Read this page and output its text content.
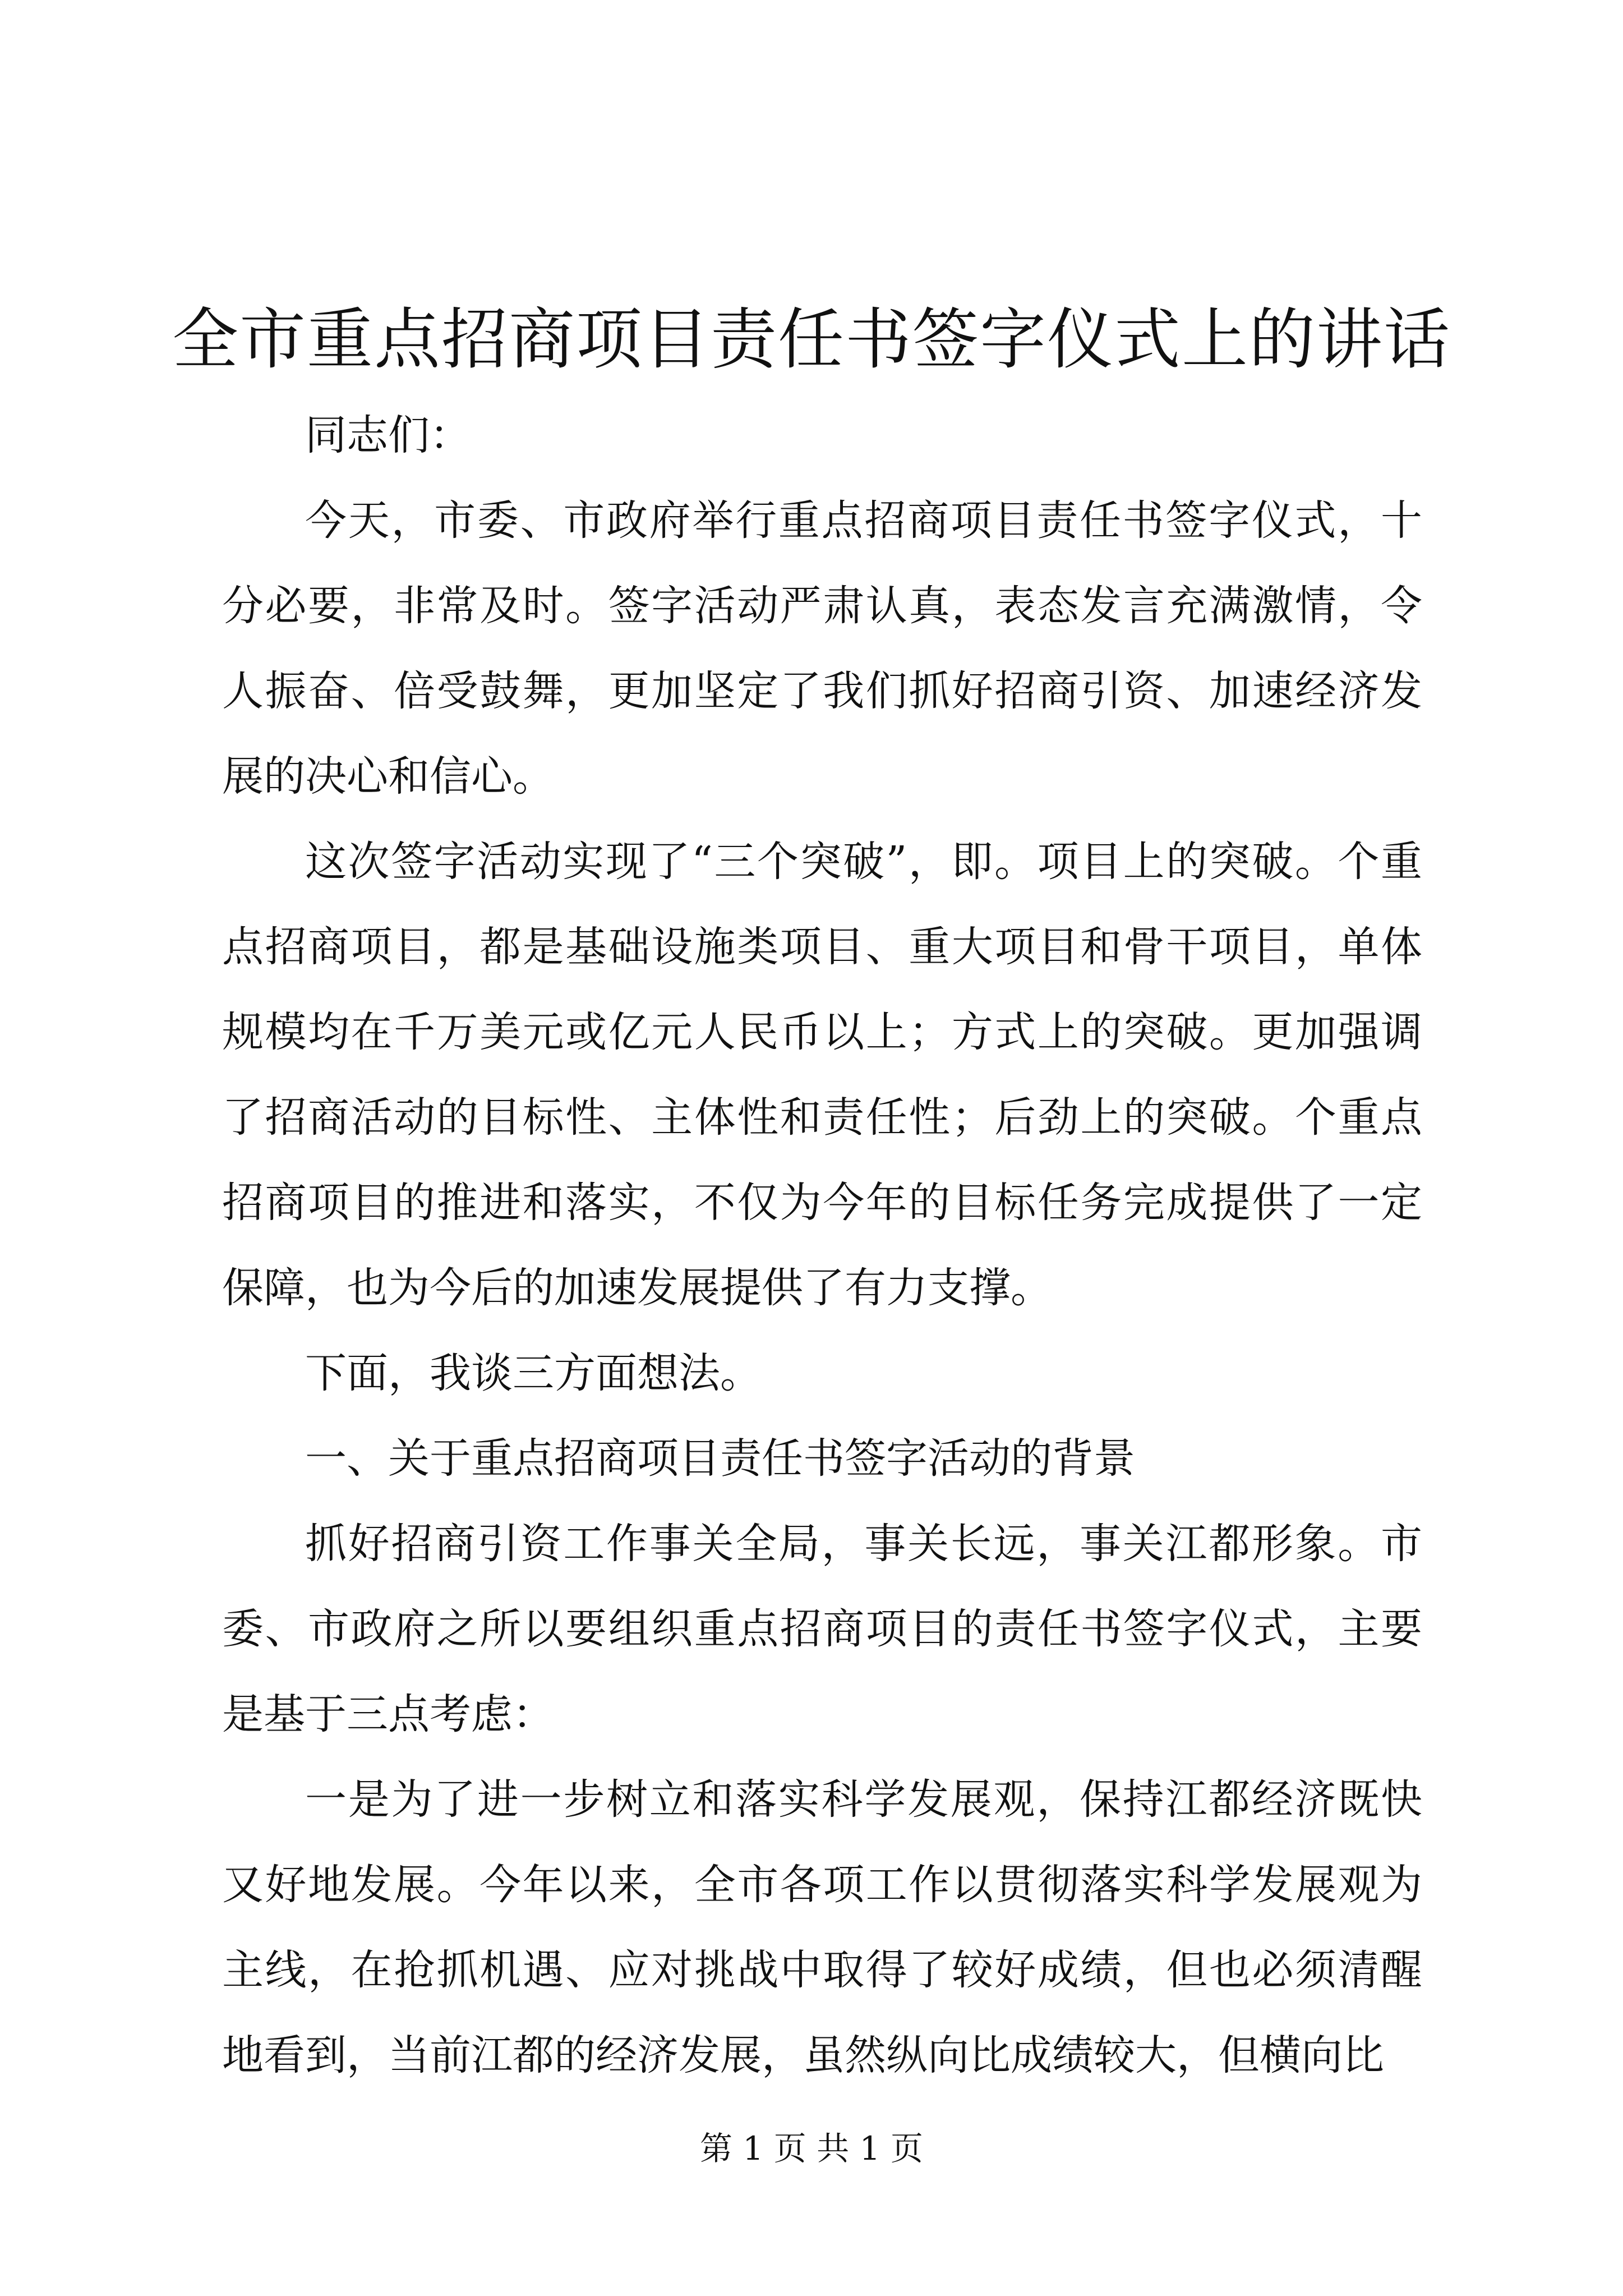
全市重点招商项目责任书签字仪式上的讲话

同志们：

今天，市委、市政府举行重点招商项目责任书签字仪式，十分必要，非常及时。签字活动严肃认真，表态发言充满激情，令人振奋、倍受鼓舞，更加坚定了我们抓好招商引资、加速经济发展的决心和信心。

这次签字活动实现了“三个突破”，即。项目上的突破。个重点招商项目，都是基础设施类项目、重大项目和骨干项目，单体规模均在千万美元或亿元人民币以上；方式上的突破。更加强调了招商活动的目标性、主体性和责任性；后劲上的突破。个重点招商项目的推进和落实，不仅为今年的目标任务完成提供了一定保障，也为今后的加速发展提供了有力支撑。

下面，我谈三方面想法。

一、关于重点招商项目责任书签字活动的背景

抓好招商引资工作事关全局，事关长远，事关江都形象。市委、市政府之所以要组织重点招商项目的责任书签字仪式，主要是基于三点考虑：

一是为了进一步树立和落实科学发展观，保持江都经济既快又好地发展。今年以来，全市各项工作以贯彻落实科学发展观为主线，在抢抓机遇、应对挑战中取得了较好成绩，但也必须清醒地看到，当前江都的经济发展，虽然纵向比成绩较大，但横向比

第 1 页 共 1 页
